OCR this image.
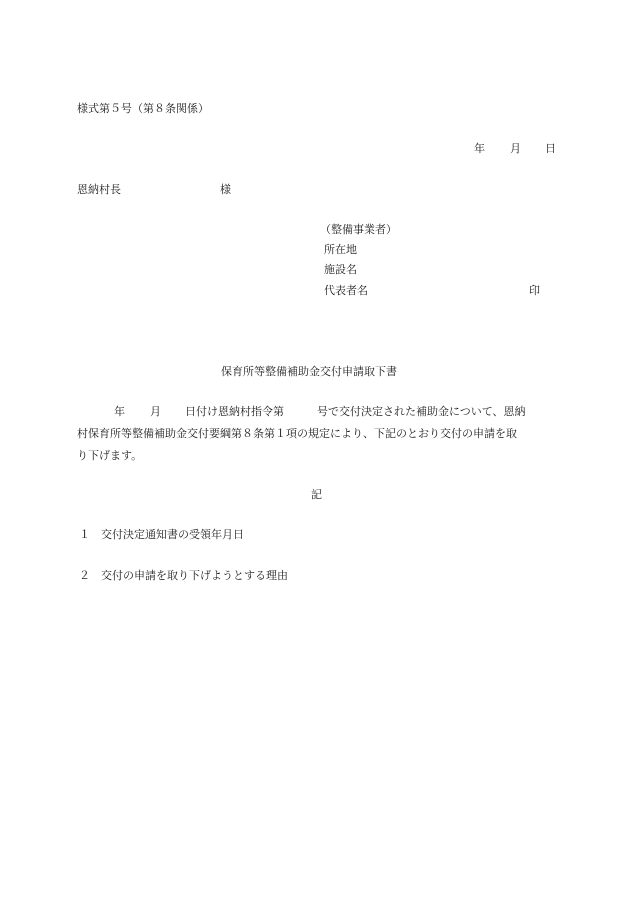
様式第５号（第８条関係）
年 月 日
恩納村長	様
（整備事業者）
所在地
施設名
代表者名	印
保育所等整備補助金交付申請取下書
年 月 日付け恩納村指令第	号で交付決定された補助金について、恩納
村保育所等整備補助金交付要綱第８条第１項の規定により、下記のとおり交付の申請を取
り下げます。
記
１ 交付決定通知書の受領年月日
２ 交付の申請を取り下げようとする理由
